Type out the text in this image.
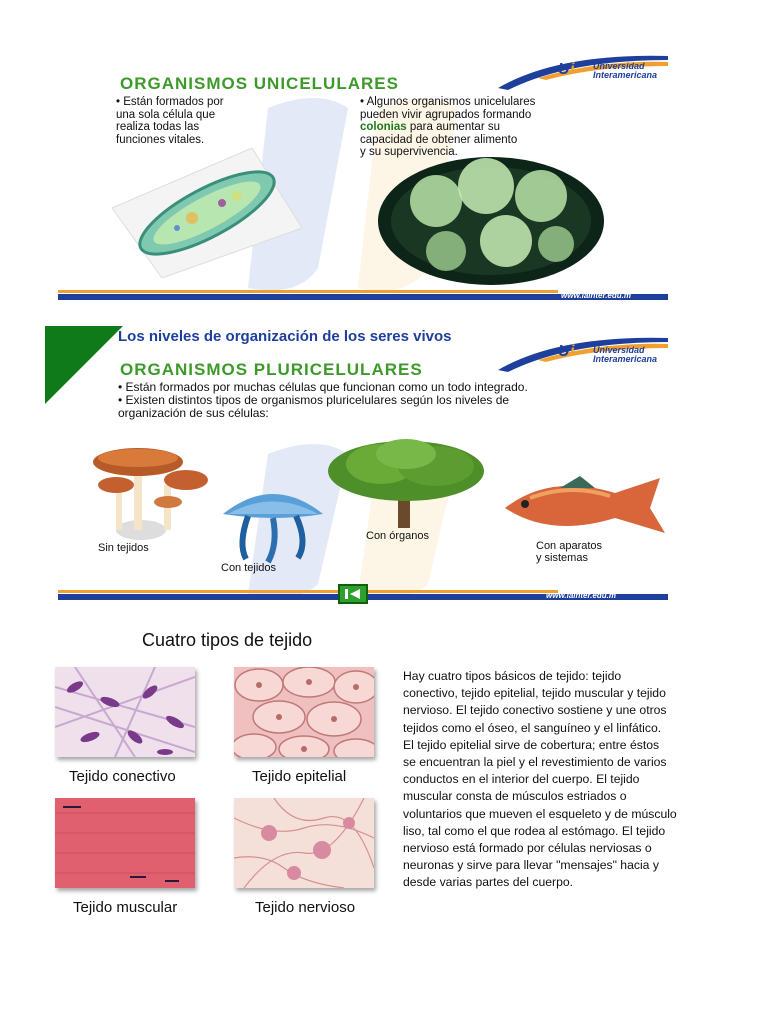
ORGANISMOS UNICELULARES
U i Universidad
Interamericana
• Están formados por
una sola célula que
realiza todas las
funciones vitales.
• Algunos organismos unicelulares
pueden vivir agrupados formando
colonias para aumentar su
capacidad de obtener alimento
y su supervivencia.
www.lainter.edu.m
Los niveles de organización de los seres vivos
U i Universidad
Interamericana
ORGANISMOS PLURICELULARES
• Están formados por muchas células que funcionan como un todo integrado.
• Existen distintos tipos de organismos pluricelulares según los niveles de
organización de sus células:
Sin tejidos
Con tejidos
Con órganos
Con aparatos
y sistemas
www.lainter.edu.m
Cuatro tipos de tejido
Tejido conectivo	Tejido epitelial
Tejido muscular	Tejido nervioso
Hay cuatro tipos básicos de tejido: tejido
conectivo, tejido epitelial, tejido muscular y tejido
nervioso. El tejido conectivo sostiene y une otros
tejidos como el óseo, el sanguíneo y el linfático.
El tejido epitelial sirve de cobertura; entre éstos
se encuentran la piel y el revestimiento de varios
conductos en el interior del cuerpo. El tejido
muscular consta de músculos estriados o
voluntarios que mueven el esqueleto y de músculo
liso, tal como el que rodea al estómago. El tejido
nervioso está formado por células nerviosas o
neuronas y sirve para llevar "mensajes" hacia y
desde varias partes del cuerpo.
